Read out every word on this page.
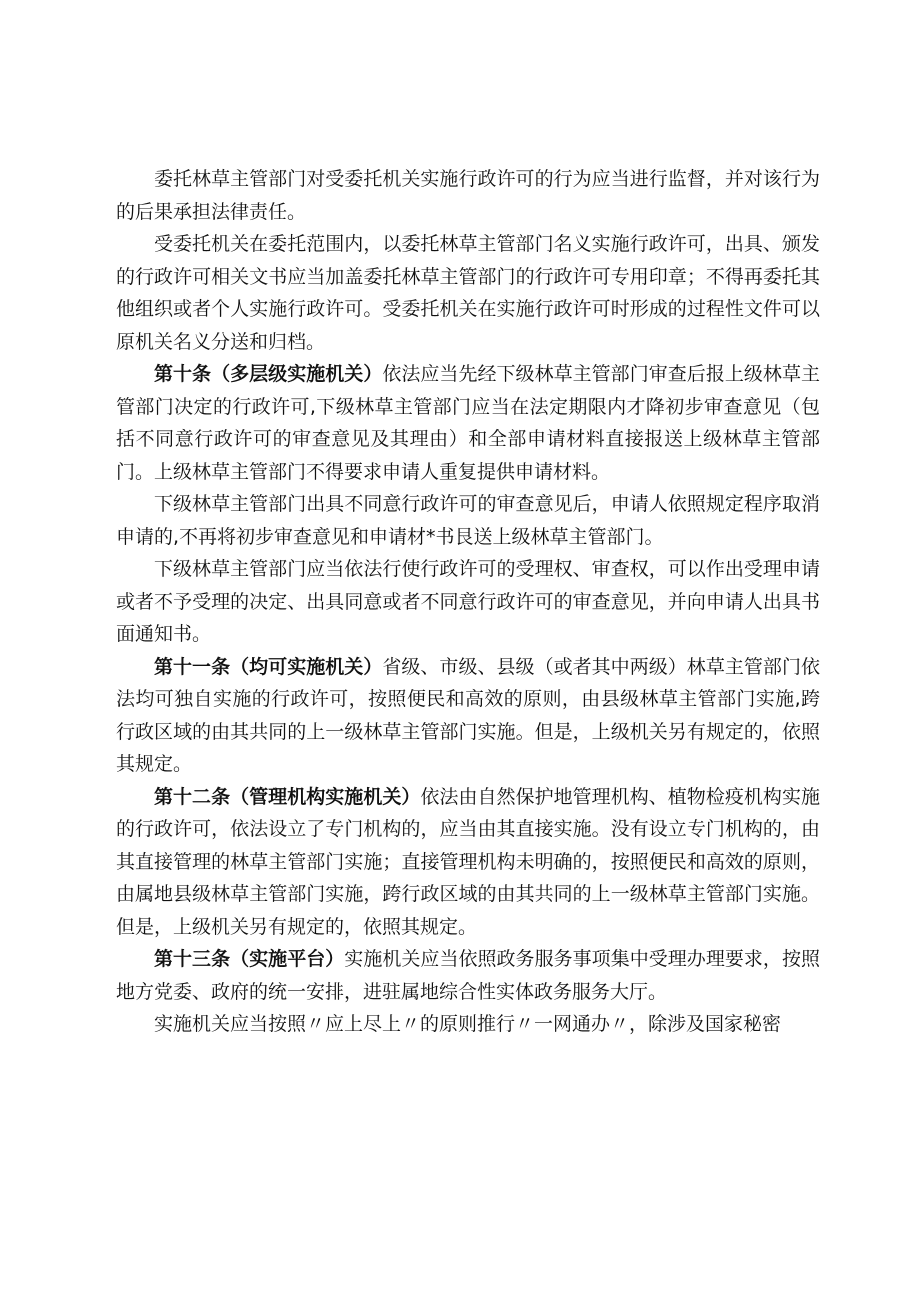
委托林草主管部门对受委托机关实施行政许可的行为应当进行监督，并对该行为的后果承担法律责任。

受委托机关在委托范围内，以委托林草主管部门名义实施行政许可，出具、颁发的行政许可相关文书应当加盖委托林草主管部门的行政许可专用印章；不得再委托其他组织或者个人实施行政许可。受委托机关在实施行政许可时形成的过程性文件可以原机关名义分送和归档。

第十条（多层级实施机关）依法应当先经下级林草主管部门审查后报上级林草主管部门决定的行政许可,下级林草主管部门应当在法定期限内才降初步审查意见（包括不同意行政许可的审查意见及其理由）和全部申请材料直接报送上级林草主管部门。上级林草主管部门不得要求申请人重复提供申请材料。

下级林草主管部门出具不同意行政许可的审查意见后，申请人依照规定程序取消申请的,不再将初步审查意见和申请材*书艮送上级林草主管部门。

下级林草主管部门应当依法行使行政许可的受理权、审查权，可以作出受理申请或者不予受理的决定、出具同意或者不同意行政许可的审查意见，并向申请人出具书面通知书。

第十一条（均可实施机关）省级、市级、县级（或者其中两级）林草主管部门依法均可独自实施的行政许可，按照便民和高效的原则，由县级林草主管部门实施,跨行政区域的由其共同的上一级林草主管部门实施。但是，上级机关另有规定的，依照其规定。

第十二条（管理机构实施机关）依法由自然保护地管理机构、植物检疫机构实施的行政许可，依法设立了专门机构的，应当由其直接实施。没有设立专门机构的，由其直接管理的林草主管部门实施；直接管理机构未明确的，按照便民和高效的原则，由属地县级林草主管部门实施，跨行政区域的由其共同的上一级林草主管部门实施。但是，上级机关另有规定的，依照其规定。

第十三条（实施平台）实施机关应当依照政务服务事项集中受理办理要求，按照地方党委、政府的统一安排，进驻属地综合性实体政务服务大厅。

实施机关应当按照〃应上尽上〃的原则推行〃一网通办〃，除涉及国家秘密
